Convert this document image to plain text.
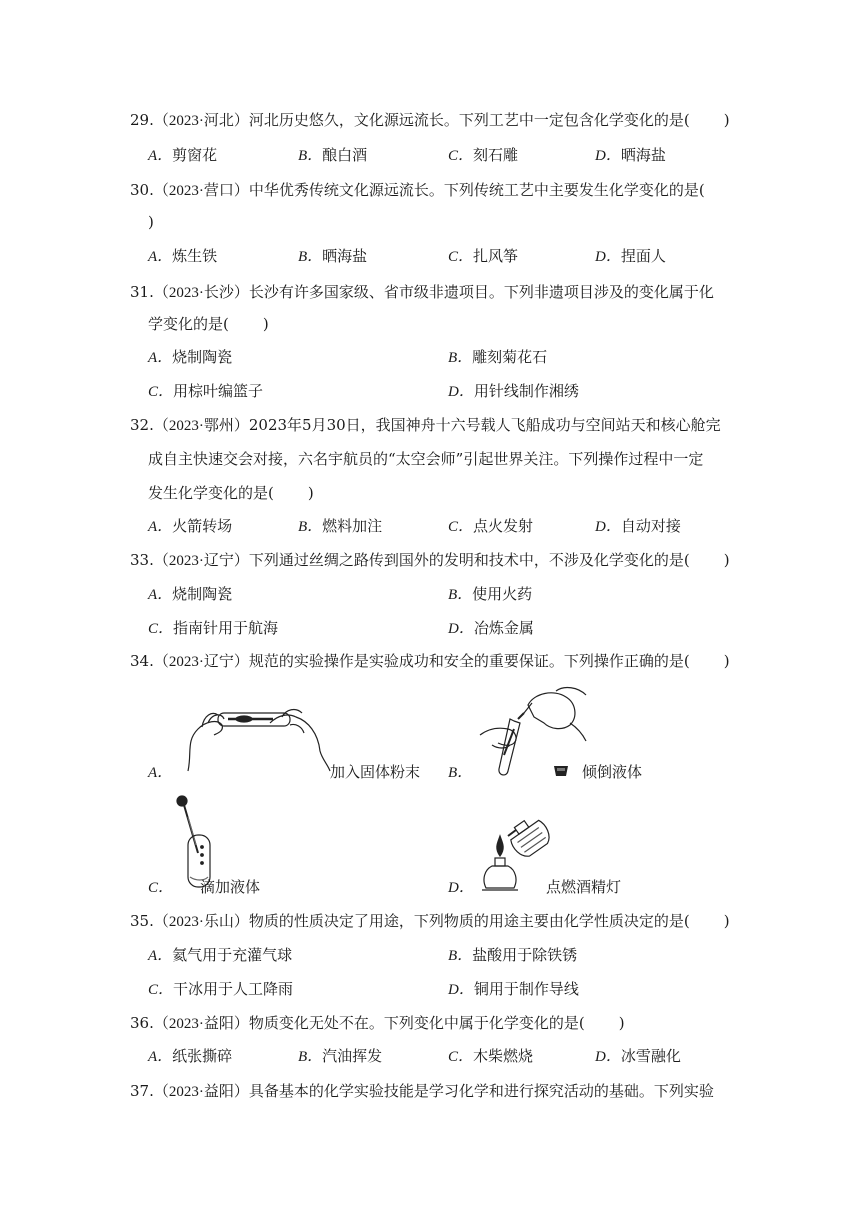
29.（2023·河北）河北历史悠久，文化源远流长。下列工艺中一定包含化学变化的是( )
A．剪窗花	B．酿白酒	C．刻石雕	D．晒海盐
30.（2023·营口）中华优秀传统文化源远流长。下列传统工艺中主要发生化学变化的是(
)
A．炼生铁	B．晒海盐	C．扎风筝	D．捏面人
31.（2023·长沙）长沙有许多国家级、省市级非遗项目。下列非遗项目涉及的变化属于化
学变化的是( )
A．烧制陶瓷	B．雕刻菊花石
C．用棕叶编篮子	D．用针线制作湘绣
32.（2023·鄂州）2023年5月30日，我国神舟十六号载人飞船成功与空间站天和核心舱完
成自主快速交会对接，六名宇航员的“太空会师”引起世界关注。下列操作过程中一定
发生化学变化的是( )
A．火箭转场	B．燃料加注	C．点火发射	D．自动对接
33.（2023·辽宁）下列通过丝绸之路传到国外的发明和技术中，不涉及化学变化的是( )
A．烧制陶瓷	B．使用火药
C．指南针用于航海	D．冶炼金属
34.（2023·辽宁）规范的实验操作是实验成功和安全的重要保证。下列操作正确的是( )
A．	加入固体粉末 B．	倾倒液体
C． 滴加液体	D．	点燃酒精灯
35.（2023·乐山）物质的性质决定了用途，下列物质的用途主要由化学性质决定的是( )
A．氦气用于充灌气球	B．盐酸用于除铁锈
C．干冰用于人工降雨	D．铜用于制作导线
36.（2023·益阳）物质变化无处不在。下列变化中属于化学变化的是( )
A．纸张撕碎	B．汽油挥发	C．木柴燃烧	D．冰雪融化
37.（2023·益阳）具备基本的化学实验技能是学习化学和进行探究活动的基础。下列实验
